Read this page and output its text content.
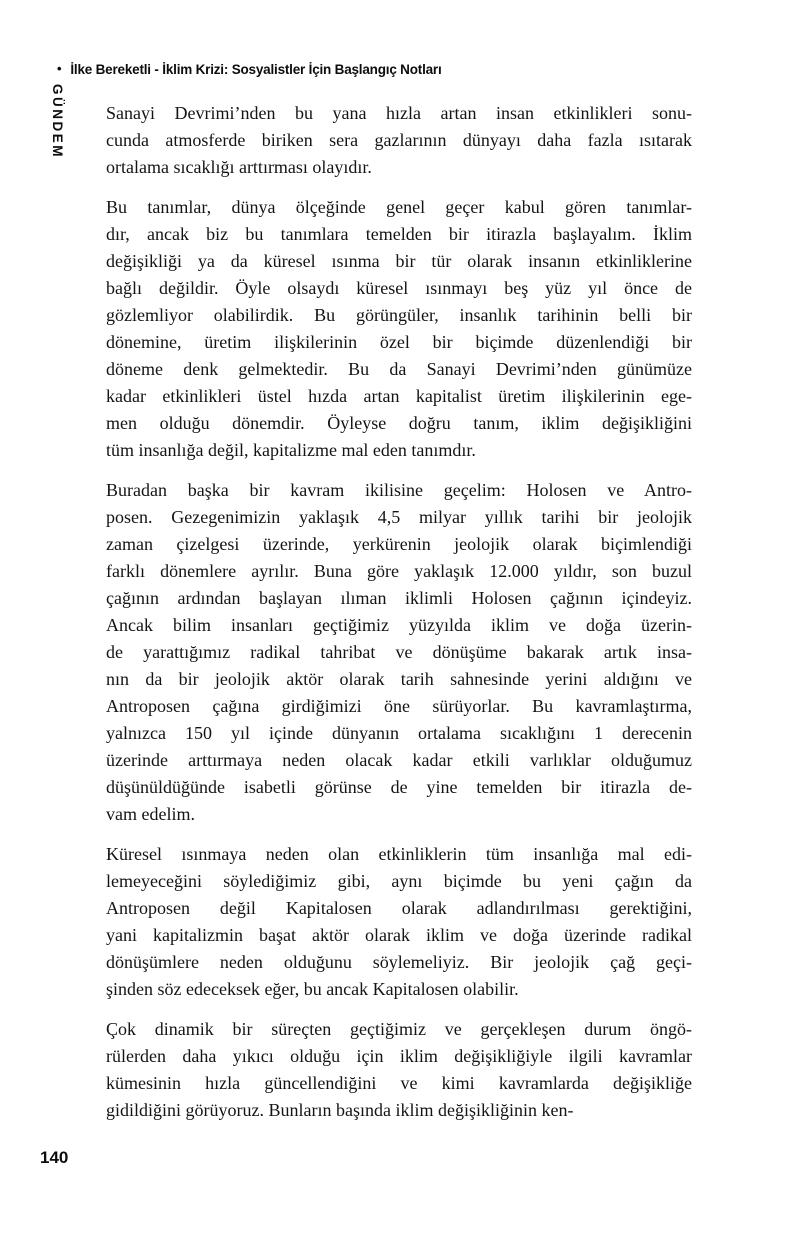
• İlke Bereketli - İklim Krizi: Sosyalistler İçin Başlangıç Notları
GÜNDEM Sanayi Devrimi’nden bu yana hızla artan insan etkinlikleri sonu-
cunda atmosferde biriken sera gazlarının dünyayı daha fazla ısıtarak
ortalama sıcaklığı arttırması olayıdır.
Bu tanımlar, dünya ölçeğinde genel geçer kabul gören tanımlar-
dır, ancak biz bu tanımlara temelden bir itirazla başlayalım. İklim
değişikliği ya da küresel ısınma bir tür olarak insanın etkinliklerine
bağlı değildir. Öyle olsaydı küresel ısınmayı beş yüz yıl önce de
gözlemliyor olabilirdik. Bu görüngüler, insanlık tarihinin belli bir
dönemine, üretim ilişkilerinin özel bir biçimde düzenlendiği bir
döneme denk gelmektedir. Bu da Sanayi Devrimi’nden günümüze
kadar etkinlikleri üstel hızda artan kapitalist üretim ilişkilerinin ege-
men olduğu dönemdir. Öyleyse doğru tanım, iklim değişikliğini
tüm insanlığa değil, kapitalizme mal eden tanımdır.
Buradan başka bir kavram ikilisine geçelim: Holosen ve Antro-
posen. Gezegenimizin yaklaşık 4,5 milyar yıllık tarihi bir jeolojik
zaman çizelgesi üzerinde, yerkürenin jeolojik olarak biçimlendiği
farklı dönemlere ayrılır. Buna göre yaklaşık 12.000 yıldır, son buzul
çağının ardından başlayan ılıman iklimli Holosen çağının içindeyiz.
Ancak bilim insanları geçtiğimiz yüzyılda iklim ve doğa üzerin-
de yarattığımız radikal tahribat ve dönüşüme bakarak artık insa-
nın da bir jeolojik aktör olarak tarih sahnesinde yerini aldığını ve
Antroposen çağına girdiğimizi öne sürüyorlar. Bu kavramlaştırma,
yalnızca 150 yıl içinde dünyanın ortalama sıcaklığını 1 derecenin
üzerinde arttırmaya neden olacak kadar etkili varlıklar olduğumuz
düşünüldüğünde isabetli görünse de yine temelden bir itirazla de-
vam edelim.
Küresel ısınmaya neden olan etkinliklerin tüm insanlığa mal edi-
lemeyeceğini söylediğimiz gibi, aynı biçimde bu yeni çağın da
Antroposen değil Kapitalosen olarak adlandırılması gerektiğini,
yani kapitalizmin başat aktör olarak iklim ve doğa üzerinde radikal
dönüşümlere neden olduğunu söylemeliyiz. Bir jeolojik çağ geçi-
şinden söz edeceksek eğer, bu ancak Kapitalosen olabilir.
Çok dinamik bir süreçten geçtiğimiz ve gerçekleşen durum öngö-
rülerden daha yıkıcı olduğu için iklim değişikliğiyle ilgili kavramlar
kümesinin hızla güncellendiğini ve kimi kavramlarda değişikliğe
gidildiğini görüyoruz. Bunların başında iklim değişikliğinin ken-
140
